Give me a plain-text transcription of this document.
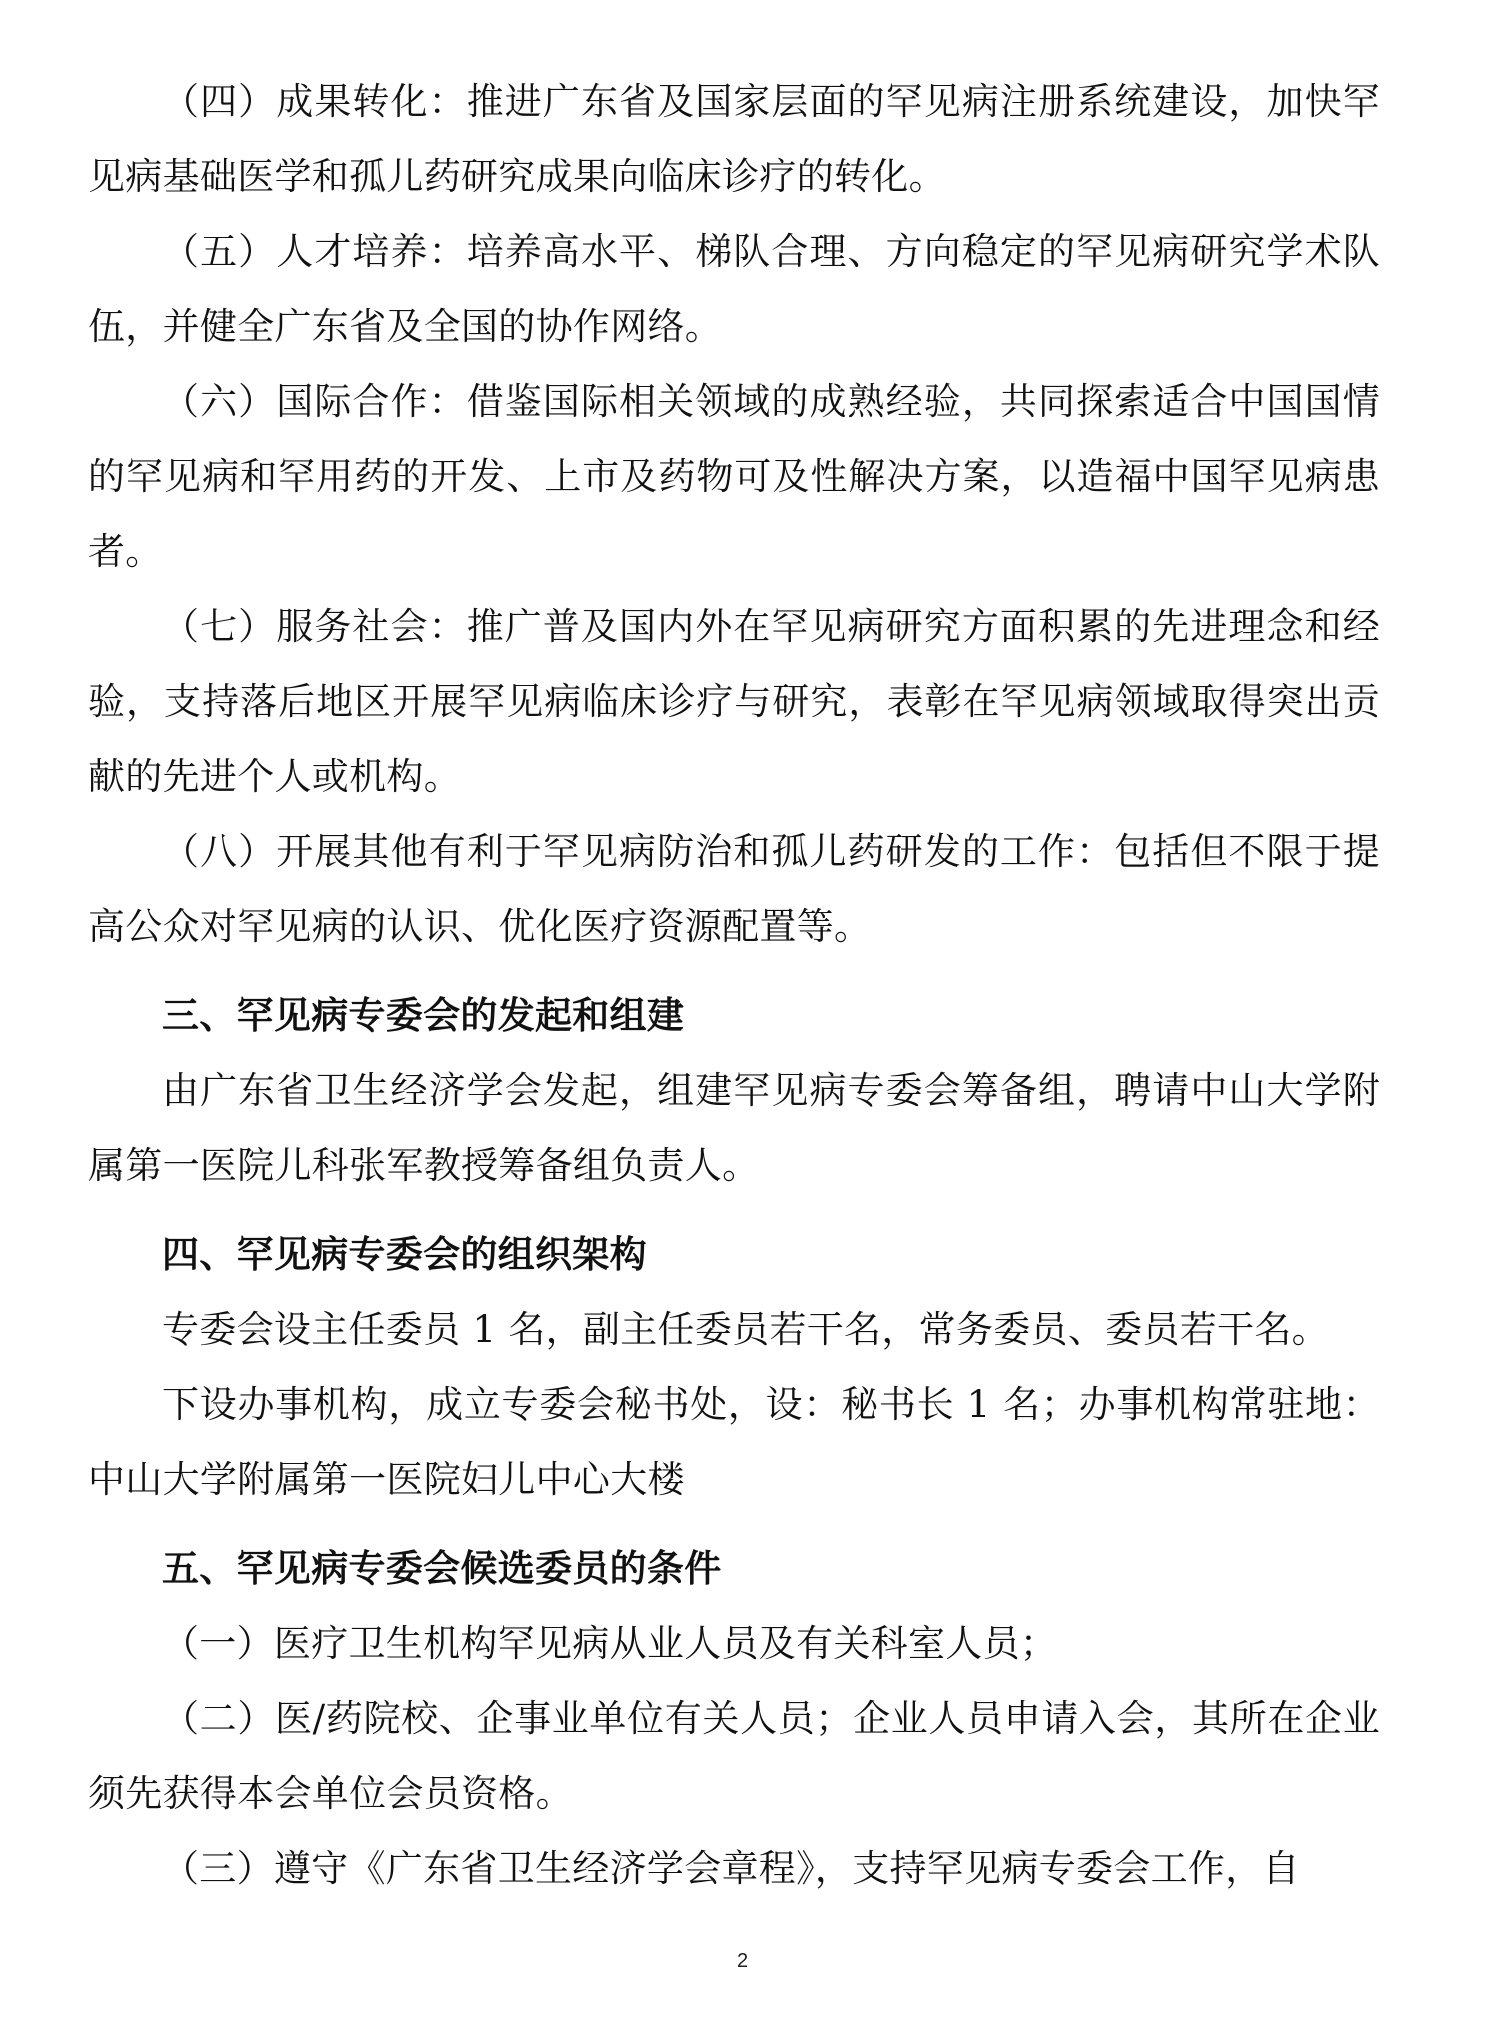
（四）成果转化：推进广东省及国家层面的罕见病注册系统建设，加快罕见病基础医学和孤儿药研究成果向临床诊疗的转化。

（五）人才培养：培养高水平、梯队合理、方向稳定的罕见病研究学术队伍，并健全广东省及全国的协作网络。

（六）国际合作：借鉴国际相关领域的成熟经验，共同探索适合中国国情的罕见病和罕用药的开发、上市及药物可及性解决方案，以造福中国罕见病患者。

（七）服务社会：推广普及国内外在罕见病研究方面积累的先进理念和经验，支持落后地区开展罕见病临床诊疗与研究，表彰在罕见病领域取得突出贡献的先进个人或机构。

（八）开展其他有利于罕见病防治和孤儿药研发的工作：包括但不限于提高公众对罕见病的认识、优化医疗资源配置等。

三、罕见病专委会的发起和组建

由广东省卫生经济学会发起，组建罕见病专委会筹备组，聘请中山大学附属第一医院儿科张军教授筹备组负责人。

四、罕见病专委会的组织架构

专委会设主任委员 1 名，副主任委员若干名，常务委员、委员若干名。

下设办事机构，成立专委会秘书处，设：秘书长 1 名；办事机构常驻地：中山大学附属第一医院妇儿中心大楼

五、罕见病专委会候选委员的条件

（一）医疗卫生机构罕见病从业人员及有关科室人员；

（二）医/药院校、企事业单位有关人员；企业人员申请入会，其所在企业须先获得本会单位会员资格。

（三）遵守《广东省卫生经济学会章程》，支持罕见病专委会工作，自

2
